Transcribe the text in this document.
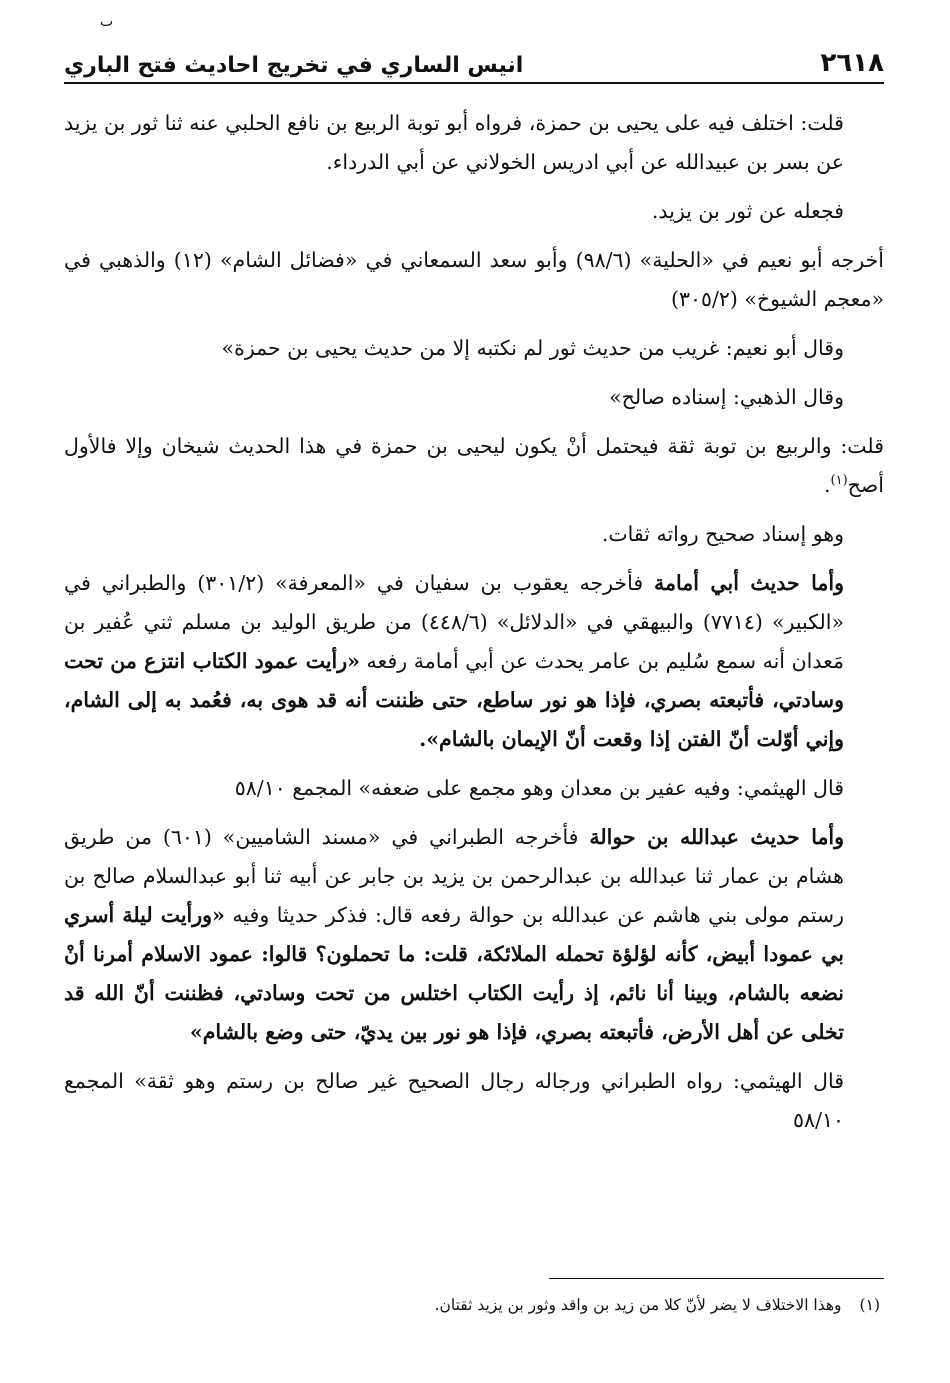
ٮ
٢٦١٨
انيس الساري في تخريج احاديث فتح الباري

قلت: اختلف فيه على يحيى بن حمزة، فرواه أبو توبة الربيع بن نافع الحلبي عنه ثنا ثور بن يزيد عن بسر بن عبيدالله عن أبي ادريس الخولاني عن أبي الدرداء.

فجعله عن ثور بن يزيد.

أخرجه أبو نعيم في «الحلية» (٩٨/٦) وأبو سعد السمعاني في «فضائل الشام» (١٢) والذهبي في «معجم الشيوخ» (٣٠٥/٢)

وقال أبو نعيم: غريب من حديث ثور لم نكتبه إلا من حديث يحيى بن حمزة»

وقال الذهبي: إسناده صالح»

قلت: والربيع بن توبة ثقة فيحتمل أنْ يكون ليحيى بن حمزة في هذا الحديث شيخان وإلا فالأول أصح$^{(١)}$.

وهو إسناد صحيح رواته ثقات.

وأما حديث أبي أمامة فأخرجه يعقوب بن سفيان في «المعرفة» (٣٠١/٢) والطبراني في «الكبير» (٧٧١٤) والبيهقي في «الدلائل» (٤٤٨/٦) من طريق الوليد بن مسلم ثني عُفير بن مَعدان أنه سمع سُليم بن عامر يحدث عن أبي أمامة رفعه «رأيت عمود الكتاب انتزع من تحت وسادتي، فأتبعته بصري، فإذا هو نور ساطع، حتى ظننت أنه قد هوى به، فعُمد به إلى الشام، وإني أوّلت أنّ الفتن إذا وقعت أنّ الإيمان بالشام».

قال الهيثمي: وفيه عفير بن معدان وهو مجمع على ضعفه» المجمع ٥٨/١٠

وأما حديث عبدالله بن حوالة فأخرجه الطبراني في «مسند الشاميين» (٦٠١) من طريق هشام بن عمار ثنا عبدالله بن عبدالرحمن بن يزيد بن جابر عن أبيه ثنا أبو عبدالسلام صالح بن رستم مولى بني هاشم عن عبدالله بن حوالة رفعه قال: فذكر حديثا وفيه «ورأيت ليلة أسري بي عمودا أبيض، كأنه لؤلؤة تحمله الملائكة، قلت: ما تحملون؟ قالوا: عمود الاسلام أمرنا أنْ نضعه بالشام، وبينا أنا نائم، إذ رأيت الكتاب اختلس من تحت وسادتي، فظننت أنّ الله قد تخلى عن أهل الأرض، فأتبعته بصري، فإذا هو نور بين يديّ، حتى وضع بالشام»

قال الهيثمي: رواه الطبراني ورجاله رجال الصحيح غير صالح بن رستم وهو ثقة» المجمع ٥٨/١٠

(١)
وهذا الاختلاف لا يضر لأنّ كلا من زيد بن واقد وثور بن يزيد ثقتان.
